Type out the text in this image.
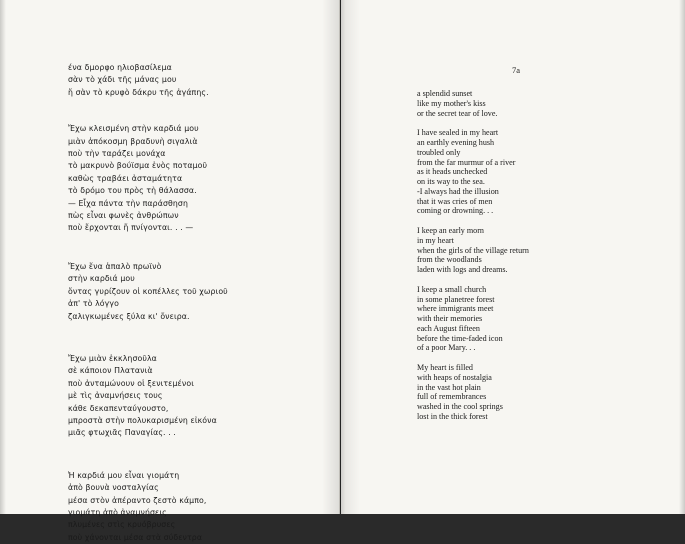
ένα δμορφο ηλιοβασίλεμα
σὰν τὸ χάδι τῆς μάνας μου
ἤ σὰν τὸ κρυφὸ δάκρυ τῆς ἀγάπης.
Ἔχω κλεισμένη στὴν καρδιά μου
μιὰν ἀπόκοσμη βραδυνὴ σιγαλιὰ
ποὺ τὴν ταράζει μονάχα
τὸ μακρυνὸ βούϊσμα ἑνὸς ποταμοῦ
καθὼς τραβάει ἀσταμάτητα
τὸ δρόμο του πρὸς τὴ θάλασσα.
— Εἶχα πάντα τὴν παράσθηση
πὼς εἶναι φωνὲς ἀνθρώπων
ποὺ ἔρχονται ἤ πνίγονται. . . —
Ἔχω ἕνα ἁπαλὸ πρωϊνὸ
στὴν καρδιά μου
ὄντας γυρίζουν οἱ κοπέλλες τοῦ χωριοῦ
ἀπ' τὸ λόγγο
ζαλιγκωμένες ξύλα κι' ὄνειρα.
Ἔχω μιὰν ἐκκλησοῦλα
σὲ κάποιον Πλατανιὰ
ποὺ ἀνταμώνουν οἱ ξενιτεμένοι
μὲ τὶς ἀναμνήσεις τους
κάθε δεκαπενταύγουστο,
μπροστὰ στὴν πολυκαρισμένη εἰκόνα
μιᾶς φτωχιᾶς Παναγίας. . .
Ἡ καρδιά μου εἶναι γιομάτη
ἀπὸ βουνὰ νοσταλγίας
μέσα στὸν ἀπέραντο ζεστὸ κάμπο,
γιομάτη ἀπὸ ἀναμνήσεις
πλυμένες στὶς κρυόβρυσες
ποὺ χάνονται μέσα στὰ σύδεντρα
7a
a splendid sunset
like my mother's kiss
or the secret tear of love.
I have sealed in my heart
an earthly evening hush
troubled only
from the far murmur of a river
as it heads unchecked
on its way to the sea.
-I always had the illusion
that it was cries of men
coming or drowning. . .
I keep an early morn
in my heart
when the girls of the village return
from the woodlands
laden with logs and dreams.
I keep a small church
in some planetree forest
where immigrants meet
with their memories
each August fifteen
before the time-faded icon
of a poor Mary. . .
My heart is filled
with heaps of nostalgia
in the vast hot plain
full of remembrances
washed in the cool springs
lost in the thick forest
